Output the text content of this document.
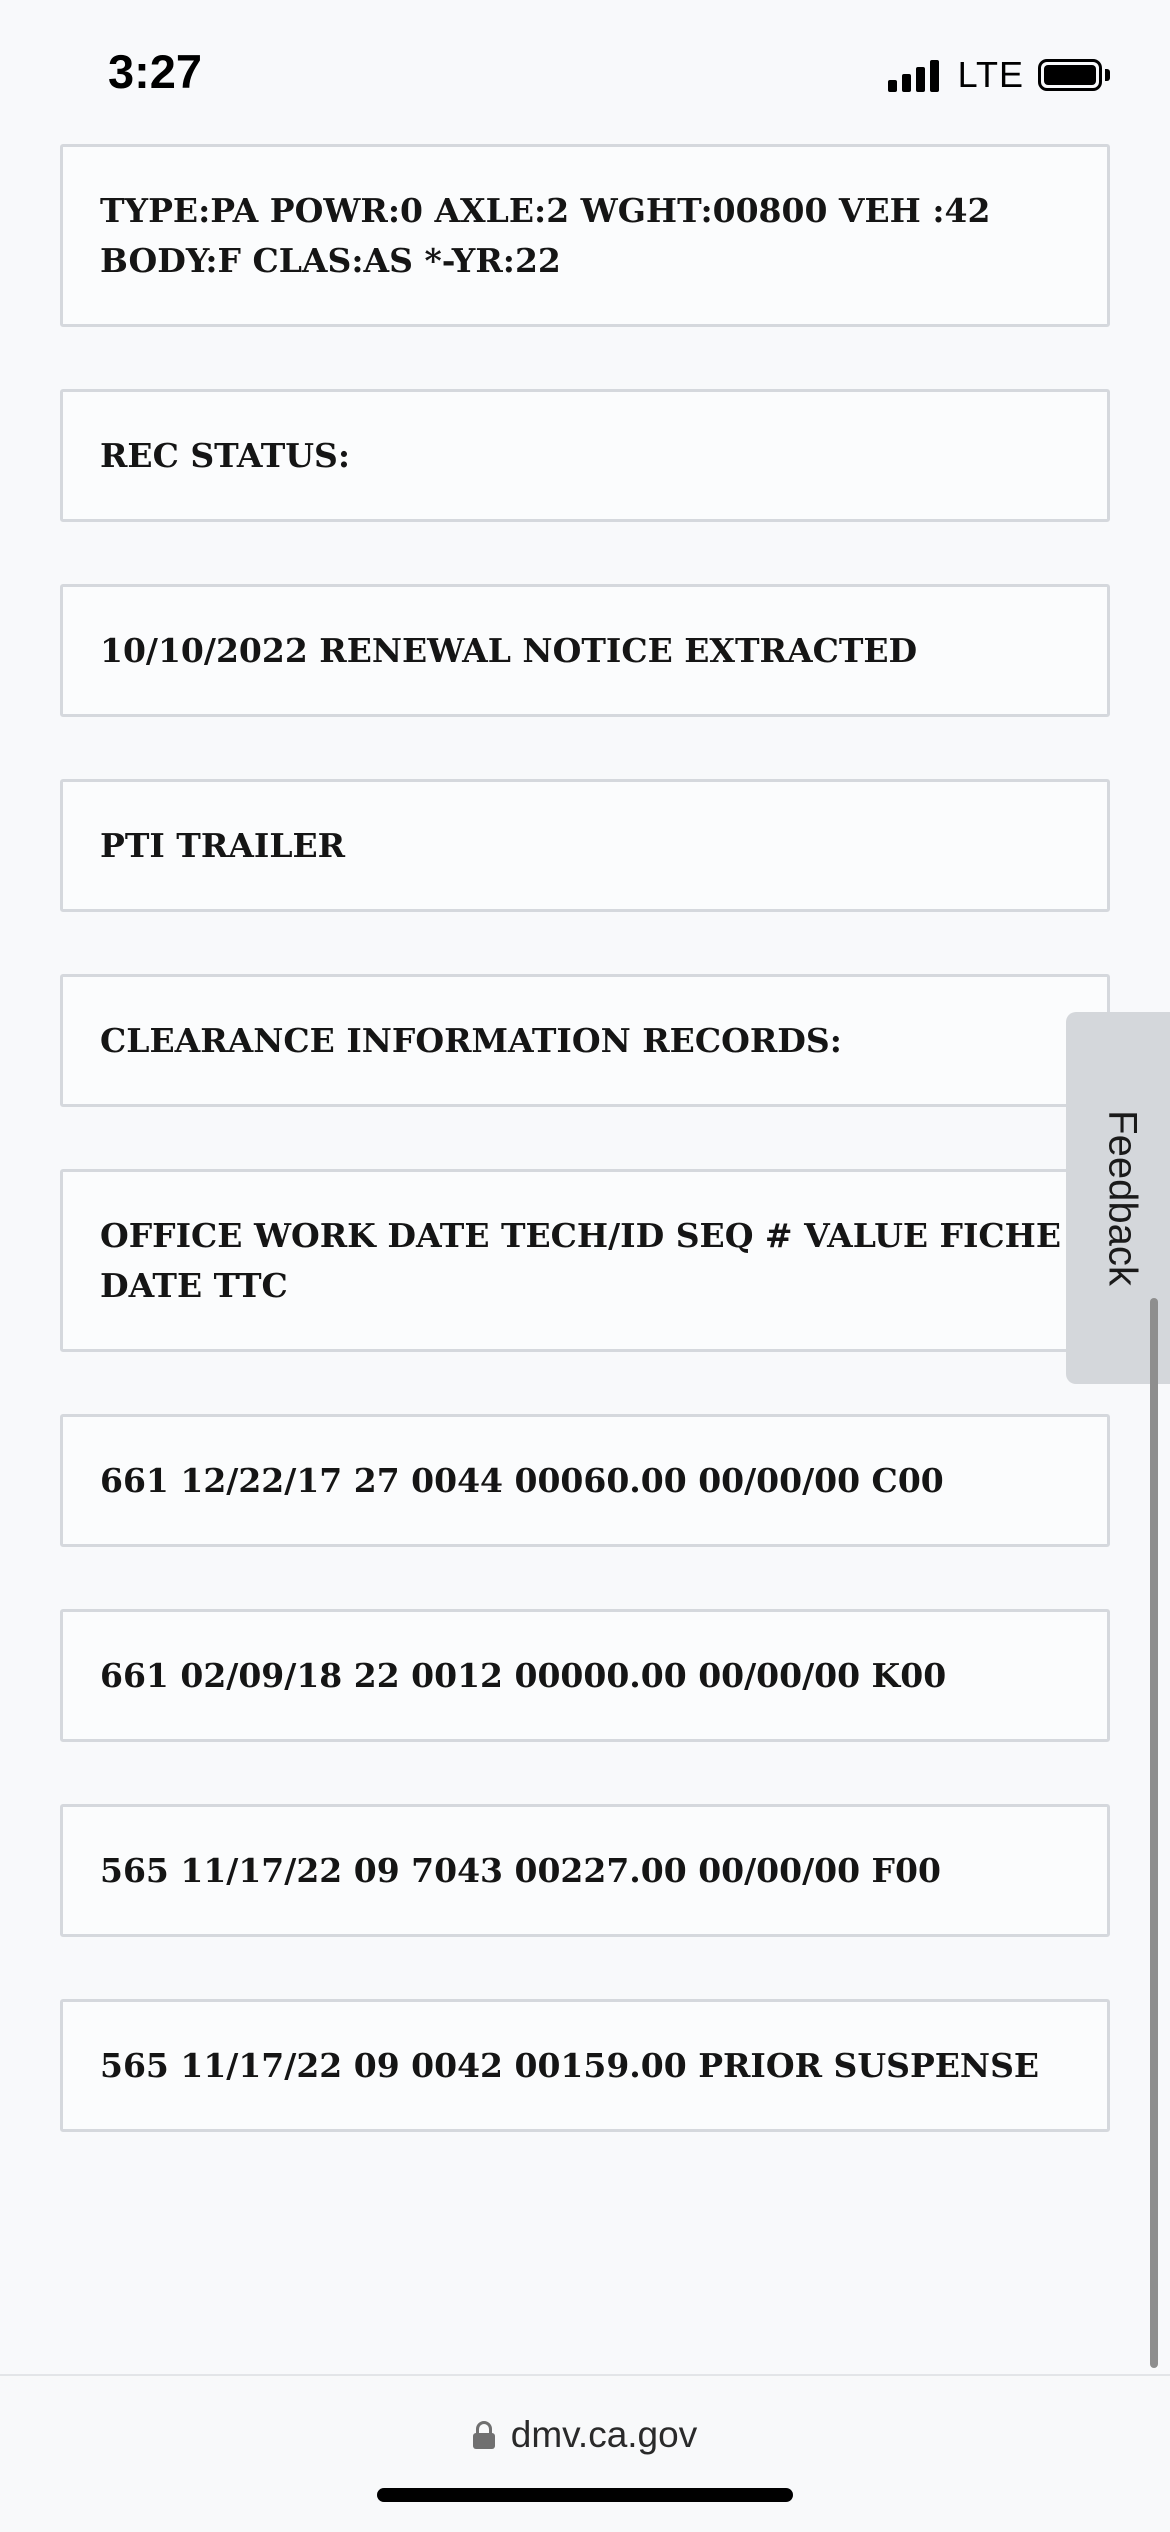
3:27	LTE
TYPE:PA POWR:0 AXLE:2 WGHT:00800 VEH :42
BODY:F CLAS:AS *-YR:22
REC STATUS:
10/10/2022 RENEWAL NOTICE EXTRACTED
PTI TRAILER
CLEARANCE INFORMATION RECORDS:
OFFICE WORK DATE TECH/ID SEQ # VALUE FICHE
DATE TTC
661 12/22/17 27 0044 00060.00 00/00/00 C00
661 02/09/18 22 0012 00000.00 00/00/00 K00
565 11/17/22 09 7043 00227.00 00/00/00 F00
565 11/17/22 09 0042 00159.00 PRIOR SUSPENSE
Feedback
dmv.ca.gov
